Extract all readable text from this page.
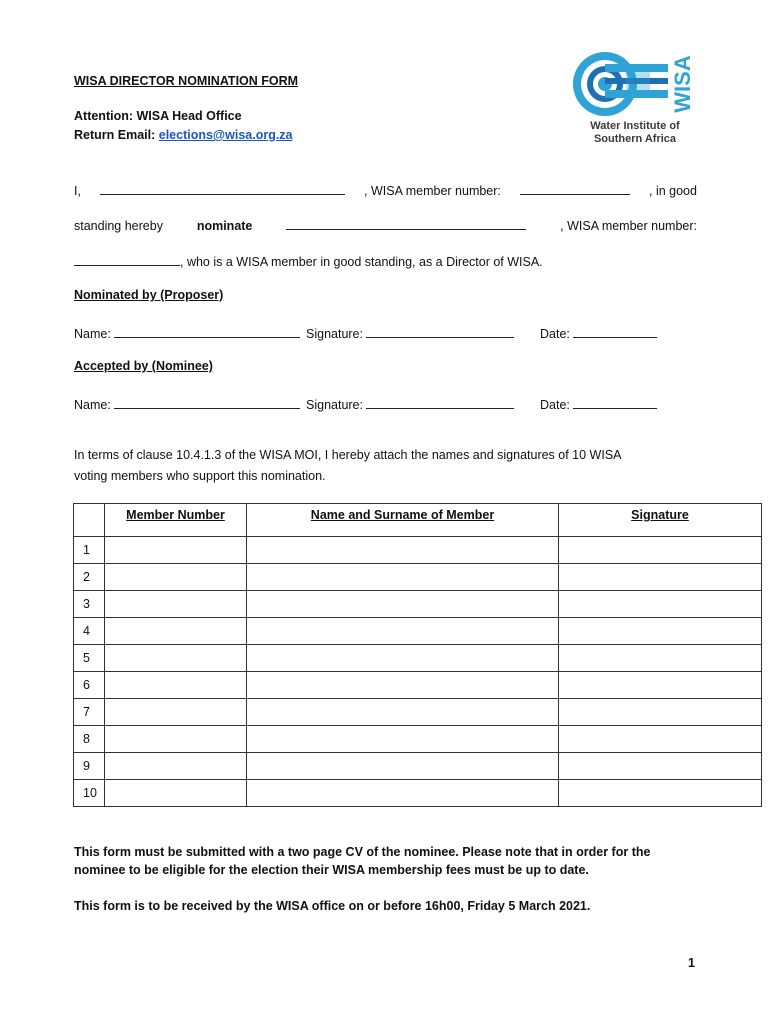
WISA DIRECTOR NOMINATION FORM
Attention: WISA Head Office
Return Email: elections@wisa.org.za
WISA
Water Institute of
Southern Africa
I,	, WISA member number:	, in good
standing hereby	nominate	, WISA member number:
, who is a WISA member in good standing, as a Director of WISA.
Nominated by (Proposer)
Name:	Signature:	Date:
Accepted by (Nominee)
Name:	Signature:	Date:
In terms of clause 10.4.1.3 of the WISA MOI, I hereby attach the names and signatures of 10 WISA
voting members who support this nomination.
	Member Number	Name and Surname of Member	Signature
1			
2			
3			
4			
5			
6			
7			
8			
9			
10			
This form must be submitted with a two page CV of the nominee. Please note that in order for the
nominee to be eligible for the election their WISA membership fees must be up to date.
This form is to be received by the WISA office on or before 16h00, Friday 5 March 2021.
1
